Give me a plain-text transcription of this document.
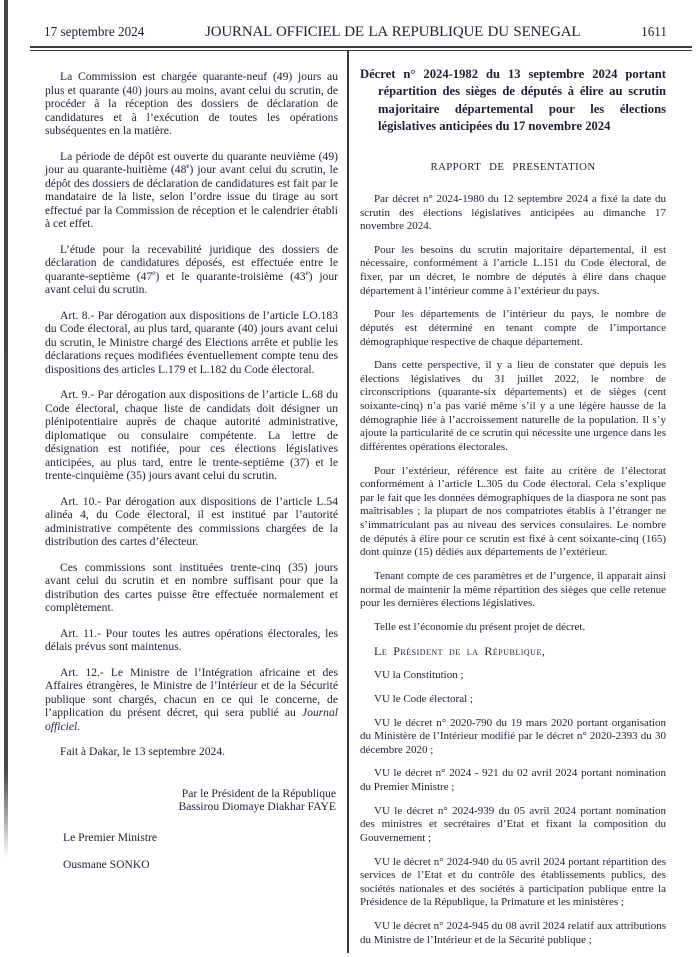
17 septembre 2024	JOURNAL OFFICIEL DE LA REPUBLIQUE DU SENEGAL	1611

La Commission est chargée quarante-neuf (49) jours au plus et quarante (40) jours au moins, avant celui du scrutin, de procéder à la réception des dossiers de déclaration de candidatures et à l’exécution de toutes les opérations subséquentes en la matière.

La période de dépôt est ouverte du quarante neuvième (49) jour au quarante-huitième (48e) jour avant celui du scrutin, le dépôt des dossiers de déclaration de candidatures est fait par le mandataire de la liste, selon l’ordre issue du tirage au sort effectué par la Commission de réception et le calendrier établi à cet effet.

L’étude pour la recevabilité juridique des dossiers de déclaration de candidatures déposés, est effectuée entre le quarante-septième (47e) et le quarante-troisième (43e) jour avant celui du scrutin.

Art. 8.- Par dérogation aux dispositions de l’article LO.183 du Code électoral, au plus tard, quarante (40) jours avant celui du scrutin, le Ministre chargé des Elections arrête et publie les déclarations reçues modifiées éventuellement compte tenu des dispositions des articles L.179 et L.182 du Code électoral.

Art. 9.- Par dérogation aux dispositions de l’article L.68 du Code électoral, chaque liste de candidats doit désigner un plénipotentiaire auprès de chaque autorité administrative, diplomatique ou consulaire compétente. La lettre de désignation est notifiée, pour ces élections législatives anticipées, au plus tard, entre le trente-septième (37) et le trente-cinquième (35) jours avant celui du scrutin.

Art. 10.- Par dérogation aux dispositions de l’article L.54 alinéa 4, du Code électoral, il est institué par l’autorité administrative compétente des commissions chargées de la distribution des cartes d’électeur.

Ces commissions sont instituées trente-cinq (35) jours avant celui du scrutin et en nombre suffisant pour que la distribution des cartes puisse être effectuée normalement et complètement.

Art. 11.- Pour toutes les autres opérations électorales, les délais prévus sont maintenus.

Art. 12.- Le Ministre de l’Intégration africaine et des Affaires étrangères, le Ministre de l’Intérieur et de la Sécurité publique sont chargés, chacun en ce qui le concerne, de l’application du présent décret, qui sera publié au Journal officiel.

Fait à Dakar, le 13 septembre 2024.

Par le Président de la République

Bassirou Diomaye Diakhar FAYE

Le Premier Ministre

Ousmane SONKO

Décret n° 2024-1982 du 13 septembre 2024 portant répartition des sièges de députés à élire au scrutin majoritaire départemental pour les élections législatives anticipées du 17 novembre 2024
RAPPORT DE PRESENTATION

Par décret n° 2024-1980 du 12 septembre 2024 a fixé la date du scrutin des élections législatives anticipées au dimanche 17 novembre 2024.

Pour les besoins du scrutin majoritaire départemental, il est nécessaire, conformément à l’article L.151 du Code électoral, de fixer, par un décret, le nombre de députés à élire dans chaque département à l’intérieur comme à l’extérieur du pays.

Pour les départements de l’intérieur du pays, le nombre de députés est déterminé en tenant compte de l’importance démographique respective de chaque département.

Dans cette perspective, il y a lieu de constater que depuis les élections législatives du 31 juillet 2022, le nombre de circonscriptions (quarante-six départements) et de sièges (cent soixante-cinq) n’a pas varié même s’il y a une légère hausse de la démographie liée à l’accroissement naturelle de la population. Il s’y ajoute la particularité de ce scrutin qui nécessite une urgence dans les différentes opérations électorales.

Pour l’extérieur, référence est faite au critère de l’électorat conformément à l’article L.305 du Code électoral. Cela s’explique par le fait que les données démographiques de la diaspora ne sont pas maîtrisables ; la plupart de nos compatriotes établis à l’étranger ne s’immatriculant pas au niveau des services consulaires. Le nombre de députés à élire pour ce scrutin est fixé à cent soixante-cinq (165) dont quinze (15) dédiés aux départements de l’extérieur.

Tenant compte de ces paramètres et de l’urgence, il apparait ainsi normal de maintenir la même répartition des sièges que celle retenue pour les dernières élections législatives.

Telle est l’économie du présent projet de décret.

Le Président de la République,

VU la Constitution ;

VU le Code électoral ;

VU le décret n° 2020-790 du 19 mars 2020 portant organisation du Ministère de l’Intérieur modifié par le décret n° 2020-2393 du 30 décembre 2020 ;

VU le décret n° 2024 - 921 du 02 avril 2024 portant nomination du Premier Ministre ;

VU le décret n° 2024-939 du 05 avril 2024 portant nomination des ministres et secrétaires d’Etat et fixant la composition du Gouvernement ;

VU le décret n° 2024-940 du 05 avril 2024 portant répartition des services de l’Etat et du contrôle des établissements publics, des sociétés nationales et des sociétés à participation publique entre la Présidence de la République, la Primature et les ministères ;

VU le décret n° 2024-945 du 08 avril 2024 relatif aux attributions du Ministre de l’Intérieur et de la Sécurité publique ;
